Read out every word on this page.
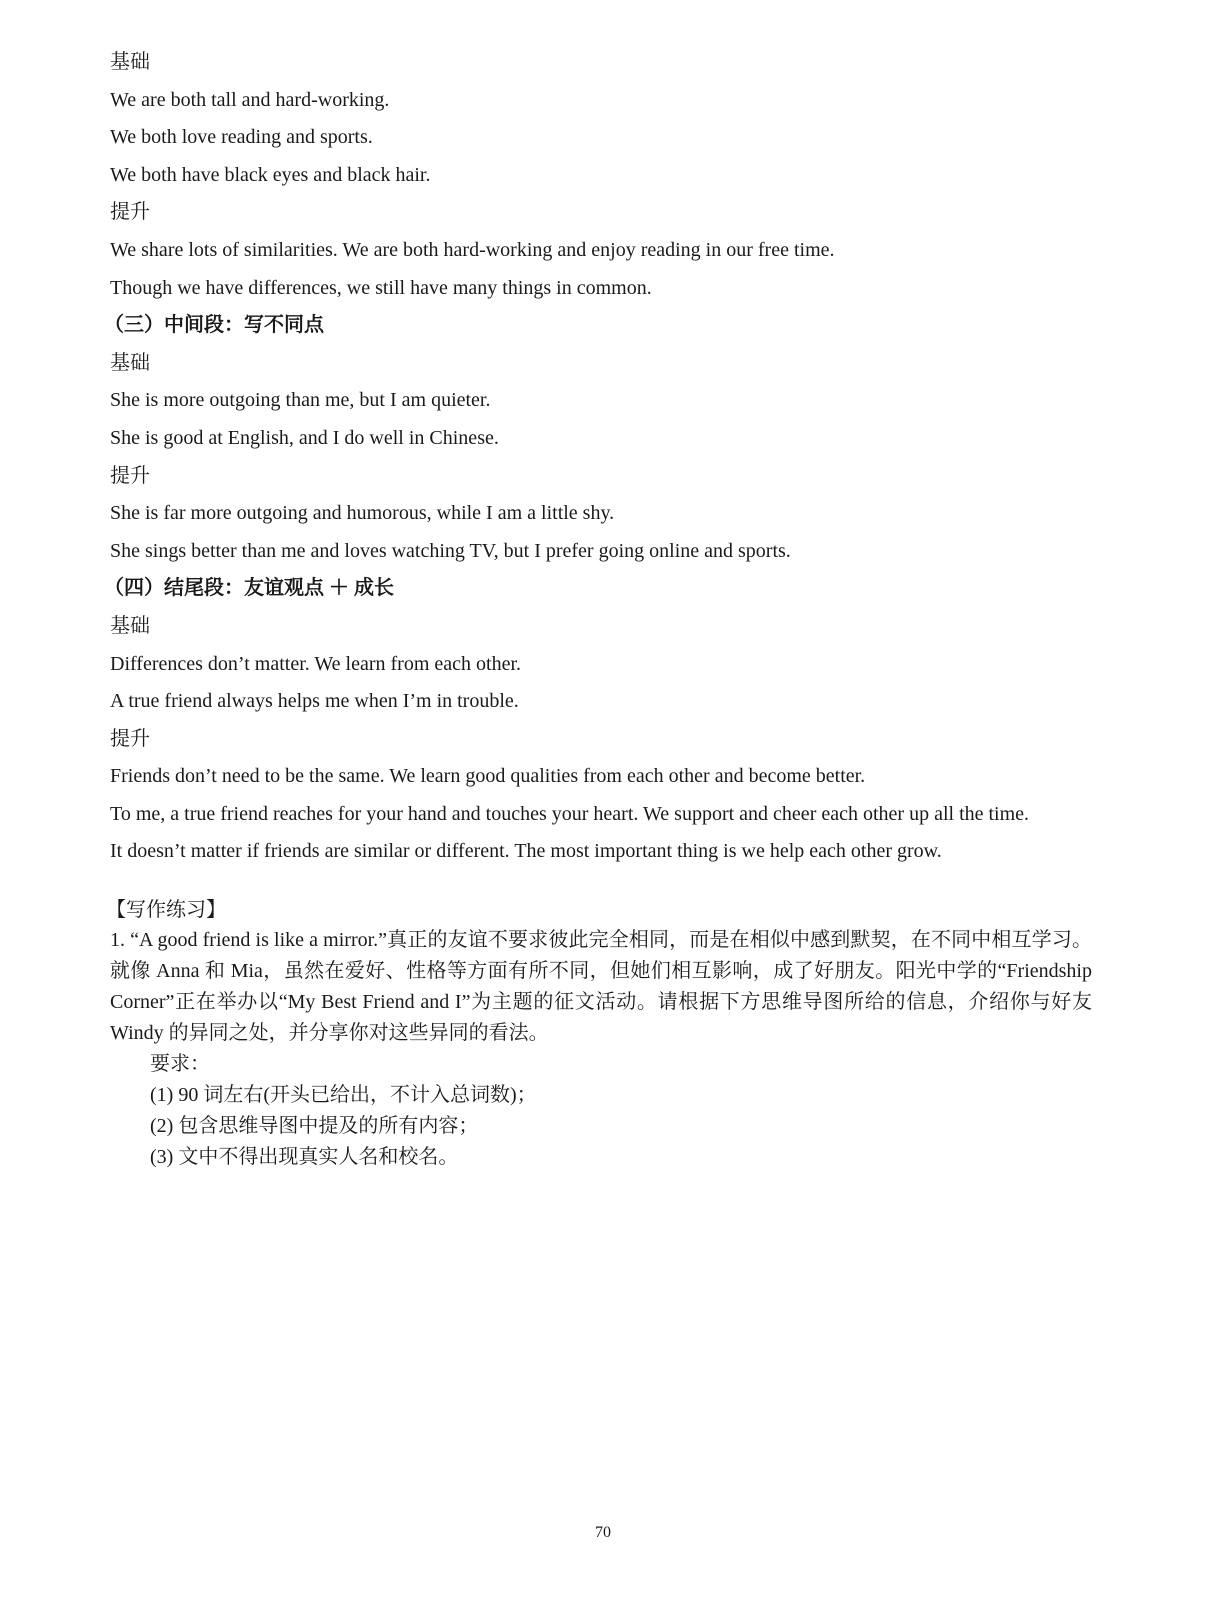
基础
We are both tall and hard-working.
We both love reading and sports.
We both have black eyes and black hair.
提升
We share lots of similarities. We are both hard-working and enjoy reading in our free time.
Though we have differences, we still have many things in common.
（三）中间段：写不同点
基础
She is more outgoing than me, but I am quieter.
She is good at English, and I do well in Chinese.
提升
She is far more outgoing and humorous, while I am a little shy.
She sings better than me and loves watching TV, but I prefer going online and sports.
（四）结尾段：友谊观点 ＋ 成长
基础
Differences don’t matter. We learn from each other.
A true friend always helps me when I’m in trouble.
提升
Friends don’t need to be the same. We learn good qualities from each other and become better.
To me, a true friend reaches for your hand and touches your heart. We support and cheer each other up all the time.
It doesn’t matter if friends are similar or different. The most important thing is we help each other grow.
【写作练习】
1. “A good friend is like a mirror.”真正的友谊不要求彼此完全相同，而是在相似中感到默契，在不同中相互学习。就像 Anna 和 Mia，虽然在爱好、性格等方面有所不同，但她们相互影响，成了好朋友。阳光中学的“Friendship Corner”正在举办以“My Best Friend and I”为主题的征文活动。请根据下方思维导图所给的信息，介绍你与好友 Windy 的异同之处，并分享你对这些异同的看法。
要求：
(1) 90 词左右(开头已给出，不计入总词数)；
(2) 包含思维导图中提及的所有内容；
(3) 文中不得出现真实人名和校名。
70
